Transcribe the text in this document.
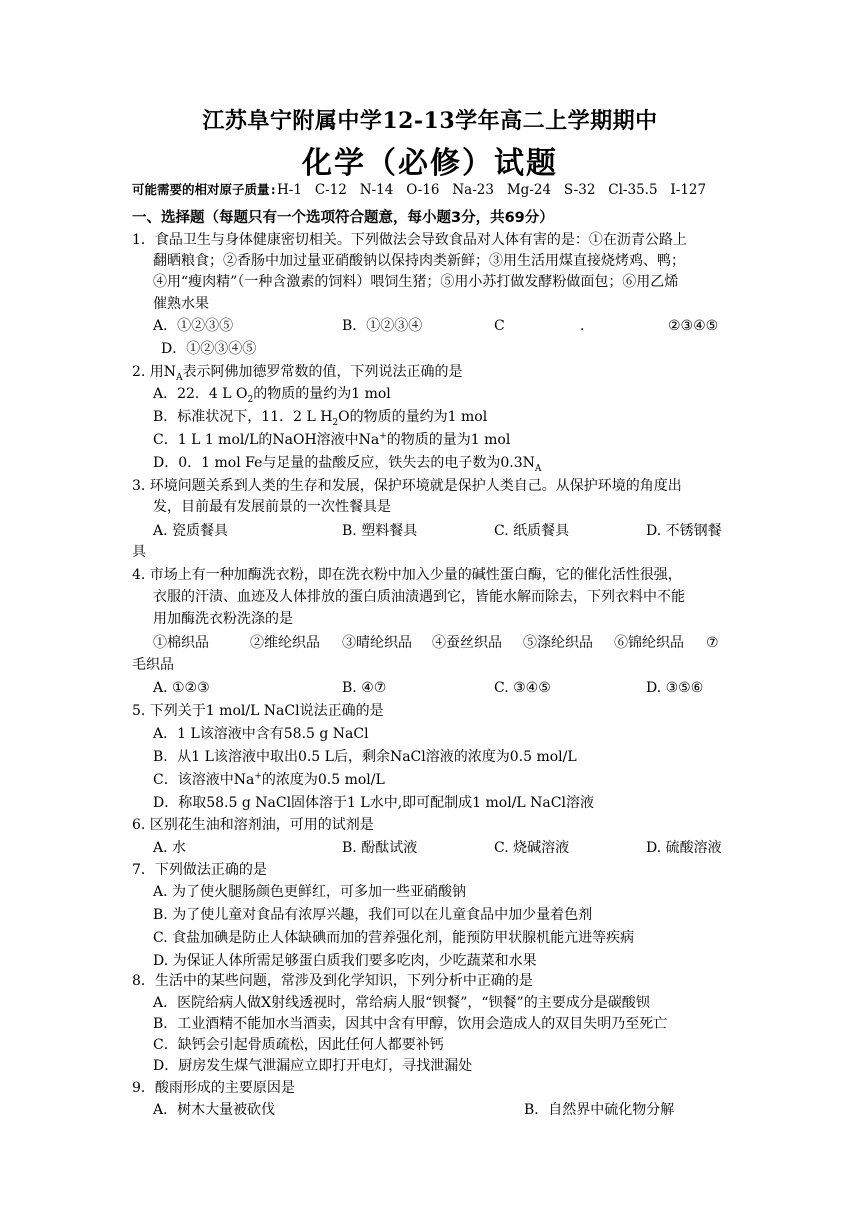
江苏阜宁附属中学12-13学年高二上学期期中
化学（必修）试题
可能需要的相对原子质量:H-1   C-12   N-14   O-16   Na-23   Mg-24   S-32   Cl-35.5   I-127
一、选择题（每题只有一个选项符合题意，每小题3分，共69分）
1．食品卫生与身体健康密切相关。下列做法会导致食品对人体有害的是：①在沥青公路上
翻晒粮食；②香肠中加过量亚硝酸钠以保持肉类新鲜；③用生活用煤直接烧烤鸡、鸭；
④用“瘦肉精”（一种含激素的饲料）喂饲生猪；⑤用小苏打做发酵粉做面包；⑥用乙烯
催熟水果
A．①②③⑤	B．①②③④	C	.	②③④⑤
D．①②③④⑤
2. 用$N_A$表示阿佛加德罗常数的值，下列说法正确的是
A．22．4 L $O_2$的物质的量约为1 mol
B．标准状况下，11．2 L $H_2O$的物质的量约为1 mol
C．1 L 1 mol/L的NaOH溶液中Na+的物质的量为1 mol
D．0．1 mol Fe与足量的盐酸反应，铁失去的电子数为$0.3N_A$
3. 环境问题关系到人类的生存和发展，保护环境就是保护人类自己。从保护环境的角度出
发，目前最有发展前景的一次性餐具是
A. 瓷质餐具	B. 塑料餐具	C. 纸质餐具	D. 不锈钢餐
具
4. 市场上有一种加酶洗衣粉，即在洗衣粉中加入少量的碱性蛋白酶，它的催化活性很强，
衣服的汗渍、血迹及人体排放的蛋白质油渍遇到它，皆能水解而除去，下列衣料中不能
用加酶洗衣粉洗涤的是
①棉织品	②维纶织品 ③晴纶织品 ④蚕丝织品 ⑤涤纶织品 ⑥锦纶织品 ⑦
毛织品
A. ①②③	B. ④⑦	C. ③④⑤	D. ③⑤⑥
5. 下列关于1 mol/L NaCl说法正确的是
A．1 L该溶液中含有58.5 g NaCl
B．从1 L该溶液中取出0.5 L后，剩余NaCl溶液的浓度为0.5 mol/L
C．该溶液中Na+的浓度为0.5 mol/L
D．称取58.5 g NaCl固体溶于1 L水中,即可配制成1 mol/L NaCl溶液
6. 区别花生油和溶剂油，可用的试剂是
A. 水	B. 酚酞试液	C. 烧碱溶液	D. 硫酸溶液
7．下列做法正确的是
A. 为了使火腿肠颜色更鲜红，可多加一些亚硝酸钠
B. 为了使儿童对食品有浓厚兴趣，我们可以在儿童食品中加少量着色剂
C. 食盐加碘是防止人体缺碘而加的营养强化剂，能预防甲状腺机能亢进等疾病
D. 为保证人体所需足够蛋白质我们要多吃肉，少吃蔬菜和水果
8．生活中的某些问题，常涉及到化学知识，下列分析中正确的是
A．医院给病人做X射线透视时，常给病人服“钡餐”，“钡餐”的主要成分是碳酸钡
B．工业酒精不能加水当酒卖，因其中含有甲醇，饮用会造成人的双目失明乃至死亡
C．缺钙会引起骨质疏松，因此任何人都要补钙
D．厨房发生煤气泄漏应立即打开电灯，寻找泄漏处
9．酸雨形成的主要原因是
A．树木大量被砍伐	B．自然界中硫化物分解
